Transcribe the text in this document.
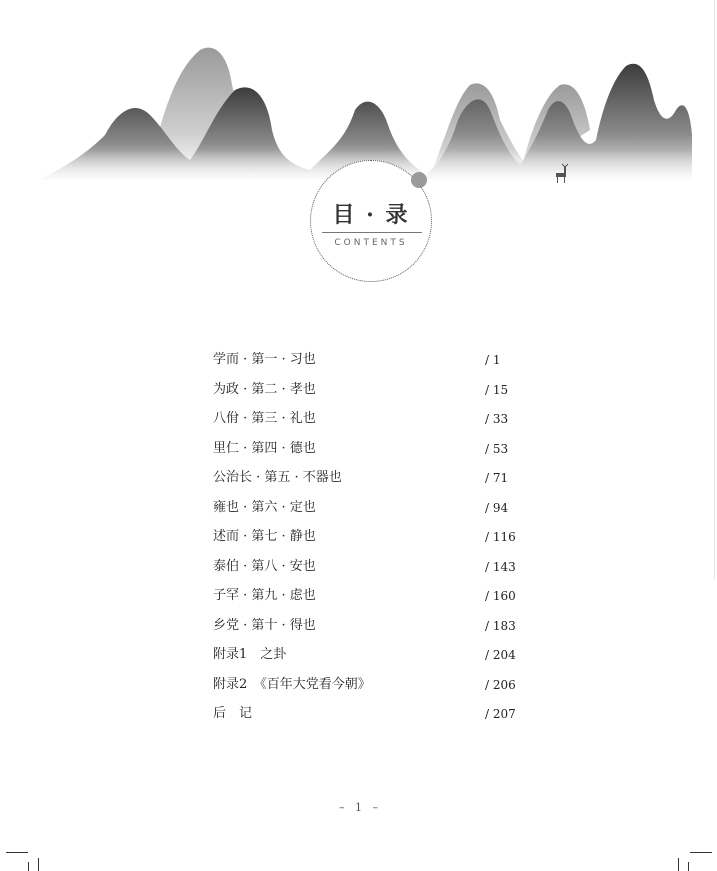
目 · 录
CONTENTS
学而 · 第一 · 习也	/ 1
为政 · 第二 · 孝也	/ 15
八佾 · 第三 · 礼也	/ 33
里仁 · 第四 · 德也	/ 53
公治长 · 第五 · 不器也	/ 71
雍也 · 第六 · 定也	/ 94
述而 · 第七 · 静也	/ 116
泰伯 · 第八 · 安也	/ 143
子罕 · 第九 · 虑也	/ 160
乡党 · 第十 · 得也	/ 183
附录1　之卦	/ 204
附录2　《百年大党看今朝》	/ 206
后　记	/ 207
–   1   –
